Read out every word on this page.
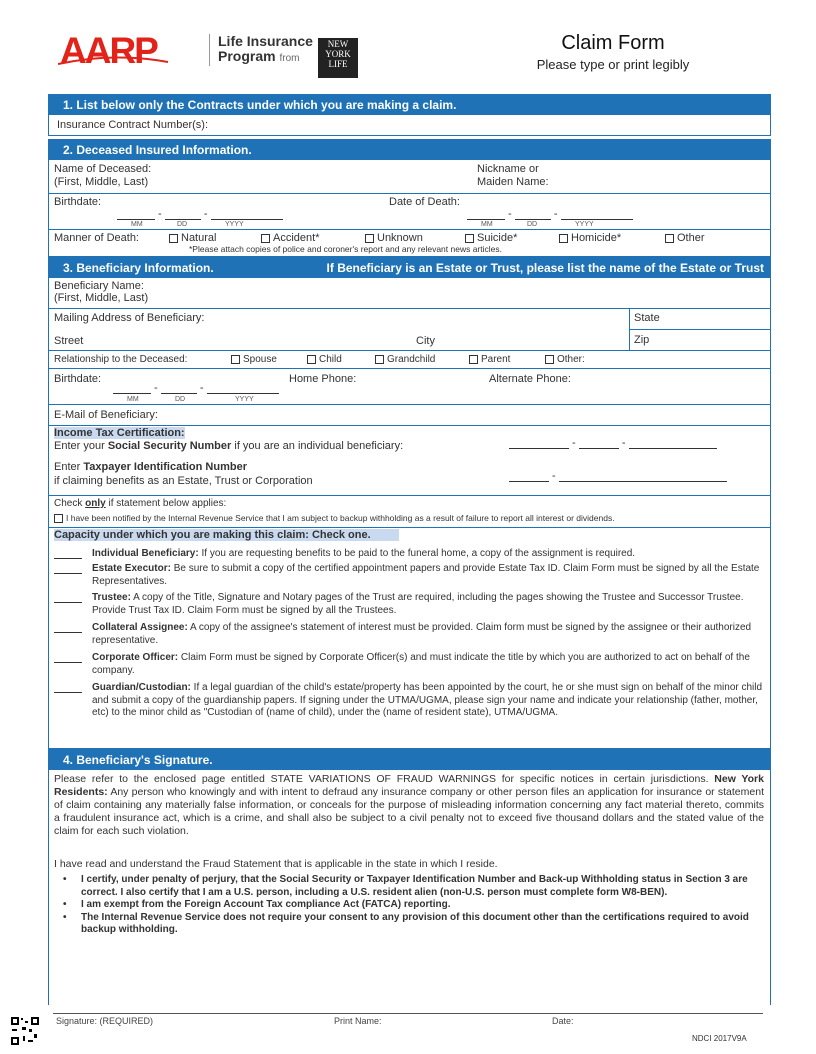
AARP	Life Insurance
Program from
NEW
YORK
LIFE
Claim Form
Please type or print legibly
1. List below only the Contracts under which you are making a claim.
Insurance Contract Number(s):
2. Deceased Insured Information.
Name of Deceased:
(First, Middle, Last)
Nickname or
Maiden Name:
Birthdate:
-	-
MM	DD	YYYY
Date of Death:
-	-
MM	DD	YYYY
Manner of Death:	Natural	Accident*	Unknown	Suicide*	Homicide*	Other
*Please attach copies of police and coroner's report and any relevant news articles.
3. Beneficiary Information.	If Beneficiary is an Estate or Trust, please list the name of the Estate or Trust
Beneficiary Name:
(First, Middle, Last)
Mailing Address of Beneficiary:
Street	City
State
Zip
Relationship to the Deceased:	Spouse	Child	Grandchild	Parent	Other:
Birthdate:
-	-
MM	DD	YYYY
Home Phone:	Alternate Phone:
E-Mail of Beneficiary:
Income Tax Certification:
Enter your Social Security Number if you are an individual beneficiary:	-	-
Enter Taxpayer Identification Number
if claiming benefits as an Estate, Trust or Corporation	-
Check only if statement below applies:
I have been notified by the Internal Revenue Service that I am subject to backup withholding as a result of failure to report all interest or dividends.
Capacity under which you are making this claim: Check one.
Individual Beneficiary: If you are requesting benefits to be paid to the funeral home, a copy of the assignment is required.
Estate Executor: Be sure to submit a copy of the certified appointment papers and provide Estate Tax ID. Claim Form must be signed by all the Estate Representatives.
Trustee: A copy of the Title, Signature and Notary pages of the Trust are required, including the pages showing the Trustee and Successor Trustee. Provide Trust Tax ID. Claim Form must be signed by all the Trustees.
Collateral Assignee: A copy of the assignee's statement of interest must be provided. Claim form must be signed by the assignee or their authorized representative.
Corporate Officer: Claim Form must be signed by Corporate Officer(s) and must indicate the title by which you are authorized to act on behalf of the company.
Guardian/Custodian: If a legal guardian of the child's estate/property has been appointed by the court, he or she must sign on behalf of the minor child and submit a copy of the guardianship papers. If signing under the UTMA/UGMA, please sign your name and indicate your relationship (father, mother, etc) to the minor child as "Custodian of (name of child), under the (name of resident state), UTMA/UGMA.
4. Beneficiary's Signature.
Please refer to the enclosed page entitled STATE VARIATIONS OF FRAUD WARNINGS for specific notices in certain jurisdictions. New York Residents: Any person who knowingly and with intent to defraud any insurance company or other person files an application for insurance or statement of claim containing any materially false information, or conceals for the purpose of misleading information concerning any fact material thereto, commits a fraudulent insurance act, which is a crime, and shall also be subject to a civil penalty not to exceed five thousand dollars and the stated value of the claim for each such violation.
I have read and understand the Fraud Statement that is applicable in the state in which I reside.
• I certify, under penalty of perjury, that the Social Security or Taxpayer Identification Number and Back-up Withholding status in Section 3 are correct. I also certify that I am a U.S. person, including a U.S. resident alien (non-U.S. person must complete form W8-BEN).
• I am exempt from the Foreign Account Tax compliance Act (FATCA) reporting.
• The Internal Revenue Service does not require your consent to any provision of this document other than the certifications required to avoid backup withholding.
Signature: (REQUIRED)	Print Name:	Date:
NDCI 2017V9A
